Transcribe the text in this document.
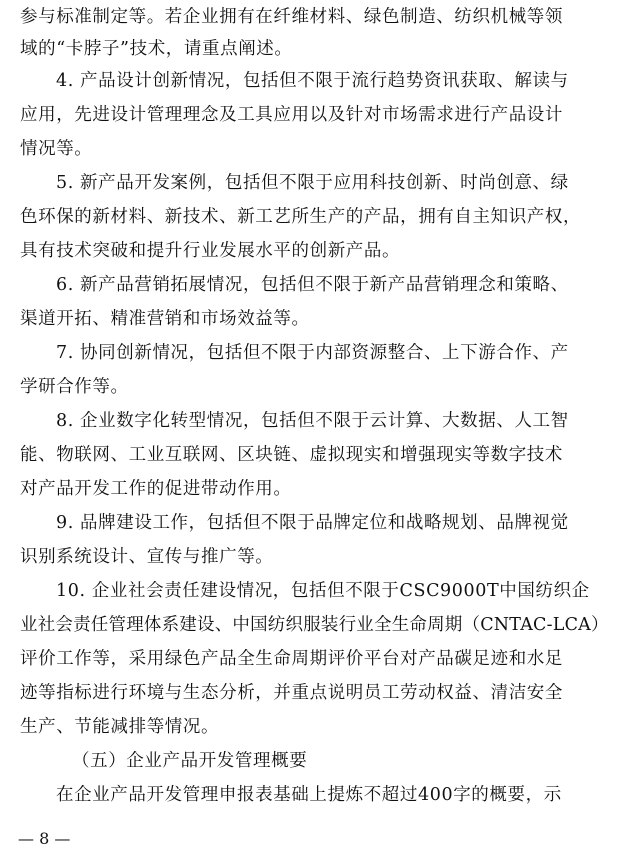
参与标准制定等。若企业拥有在纤维材料、绿色制造、纺织机械等领
域的“卡脖子”技术，请重点阐述。
4. 产品设计创新情况，包括但不限于流行趋势资讯获取、解读与
应用，先进设计管理理念及工具应用以及针对市场需求进行产品设计
情况等。
5. 新产品开发案例，包括但不限于应用科技创新、时尚创意、绿
色环保的新材料、新技术、新工艺所生产的产品，拥有自主知识产权，
具有技术突破和提升行业发展水平的创新产品。
6. 新产品营销拓展情况，包括但不限于新产品营销理念和策略、
渠道开拓、精准营销和市场效益等。
7. 协同创新情况，包括但不限于内部资源整合、上下游合作、产
学研合作等。
8. 企业数字化转型情况，包括但不限于云计算、大数据、人工智
能、物联网、工业互联网、区块链、虚拟现实和增强现实等数字技术
对产品开发工作的促进带动作用。
9. 品牌建设工作，包括但不限于品牌定位和战略规划、品牌视觉
识别系统设计、宣传与推广等。
10. 企业社会责任建设情况，包括但不限于CSC9000T中国纺织企
业社会责任管理体系建设、中国纺织服装行业全生命周期（CNTAC-LCA）
评价工作等，采用绿色产品全生命周期评价平台对产品碳足迹和水足
迹等指标进行环境与生态分析，并重点说明员工劳动权益、清洁安全
生产、节能减排等情况。
（五）企业产品开发管理概要
在企业产品开发管理申报表基础上提炼不超过400字的概要，示
— 8 —
